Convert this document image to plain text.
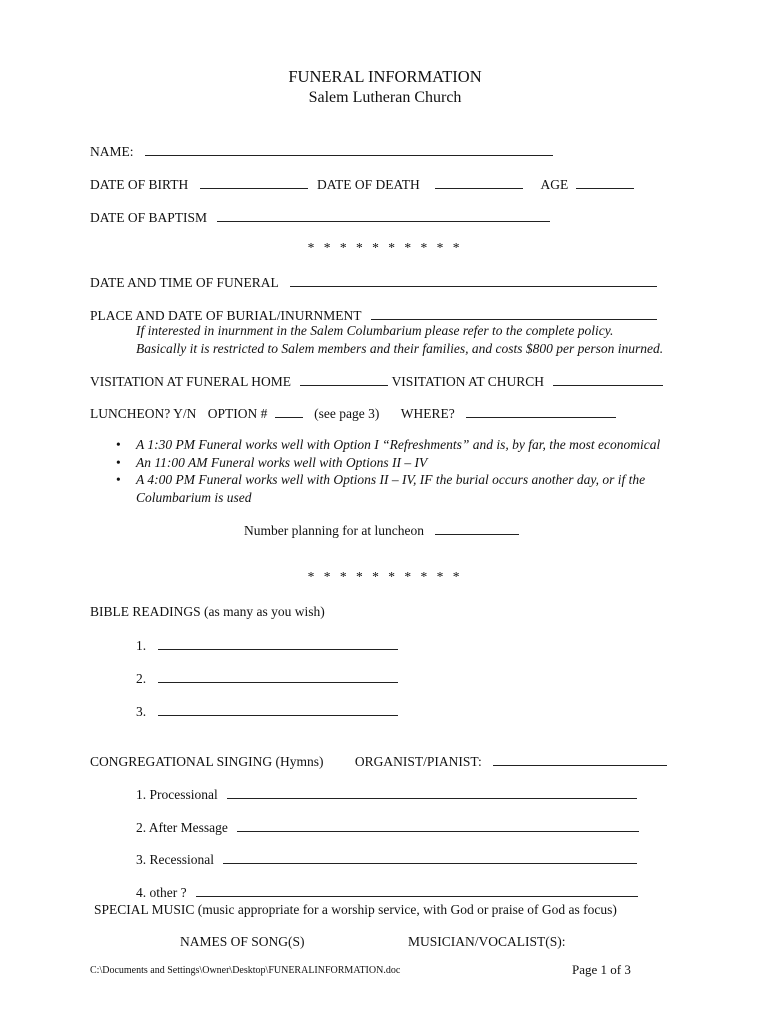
FUNERAL INFORMATION
Salem Lutheran Church
NAME:
DATE OF BIRTH	DATE OF DEATH	AGE
DATE OF BAPTISM
* * * * * * * * * *
DATE AND TIME OF FUNERAL
PLACE AND DATE OF BURIAL/INURNMENT
If interested in inurnment in the Salem Columbarium please refer to the complete policy.
Basically it is restricted to Salem members and their families, and costs $800 per person inurned.
VISITATION AT FUNERAL HOME	VISITATION AT CHURCH
LUNCHEON? Y/N OPTION #	(see page 3) WHERE?
• A 1:30 PM Funeral works well with Option I “Refreshments” and is, by far, the most economical
• An 11:00 AM Funeral works well with Options II – IV
• A 4:00 PM Funeral works well with Options II – IV, IF the burial occurs another day, or if the Columbarium is used
Number planning for at luncheon
* * * * * * * * * *
BIBLE READINGS (as many as you wish)
1.
2.
3.
CONGREGATIONAL SINGING (Hymns) ORGANIST/PIANIST:
1. Processional
2. After Message
3. Recessional
4. other ?
SPECIAL MUSIC (music appropriate for a worship service, with God or praise of God as focus)
NAMES OF SONG(S)	MUSICIAN/VOCALIST(S):
C:\Documents and Settings\Owner\Desktop\FUNERALINFORMATION.doc	Page 1 of 3
